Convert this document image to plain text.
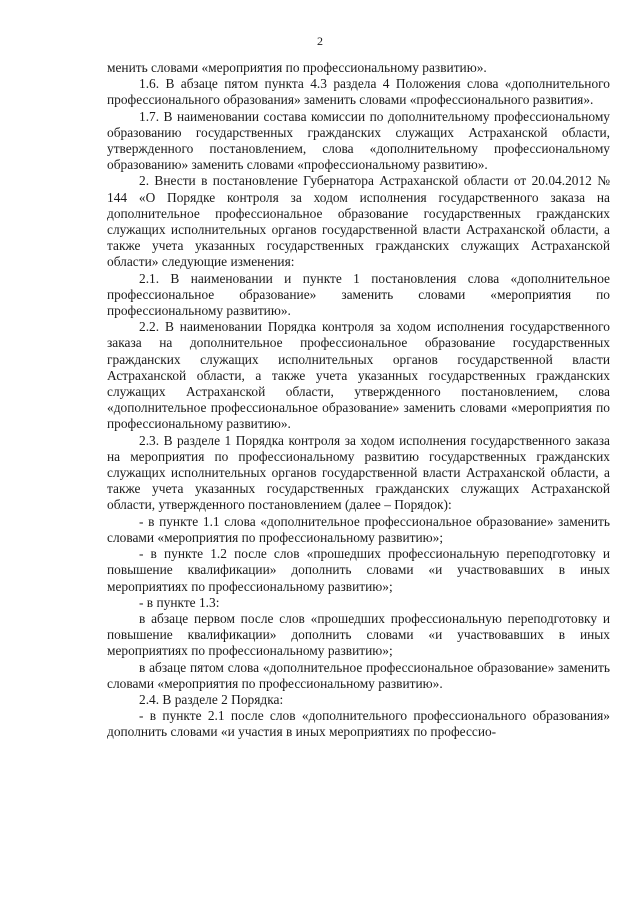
2

менить словами «мероприятия по профессиональному развитию».

1.6. В абзаце пятом пункта 4.3 раздела 4 Положения слова «дополнительного профессионального образования» заменить словами «профессионального развития».

1.7. В наименовании состава комиссии по дополнительному профессиональному образованию государственных гражданских служащих Астраханской области, утвержденного постановлением, слова «дополнительному профессиональному образованию» заменить словами «профессиональному развитию».

2. Внести в постановление Губернатора Астраханской области от 20.04.2012 № 144 «О Порядке контроля за ходом исполнения государственного заказа на дополнительное профессиональное образование государственных гражданских служащих исполнительных органов государственной власти Астраханской области, а также учета указанных государственных гражданских служащих Астраханской области» следующие изменения:

2.1. В наименовании и пункте 1 постановления слова «дополнительное профессиональное образование» заменить словами «мероприятия по профессиональному развитию».

2.2. В наименовании Порядка контроля за ходом исполнения государственного заказа на дополнительное профессиональное образование государственных гражданских служащих исполнительных органов государственной власти Астраханской области, а также учета указанных государственных гражданских служащих Астраханской области, утвержденного постановлением, слова «дополнительное профессиональное образование» заменить словами «мероприятия по профессиональному развитию».

2.3. В разделе 1 Порядка контроля за ходом исполнения государственного заказа на мероприятия по профессиональному развитию государственных гражданских служащих исполнительных органов государственной власти Астраханской области, а также учета указанных государственных гражданских служащих Астраханской области, утвержденного постановлением (далее – Порядок):

- в пункте 1.1 слова «дополнительное профессиональное образование» заменить словами «мероприятия по профессиональному развитию»;

- в пункте 1.2 после слов «прошедших профессиональную переподготовку и повышение квалификации» дополнить словами «и участвовавших в иных мероприятиях по профессиональному развитию»;

- в пункте 1.3:

в абзаце первом после слов «прошедших профессиональную переподготовку и повышение квалификации» дополнить словами «и участвовавших в иных мероприятиях по профессиональному развитию»;

в абзаце пятом слова «дополнительное профессиональное образование» заменить словами «мероприятия по профессиональному развитию».

2.4. В разделе 2 Порядка:

- в пункте 2.1 после слов «дополнительного профессионального образования» дополнить словами «и участия в иных мероприятиях по профессио-
